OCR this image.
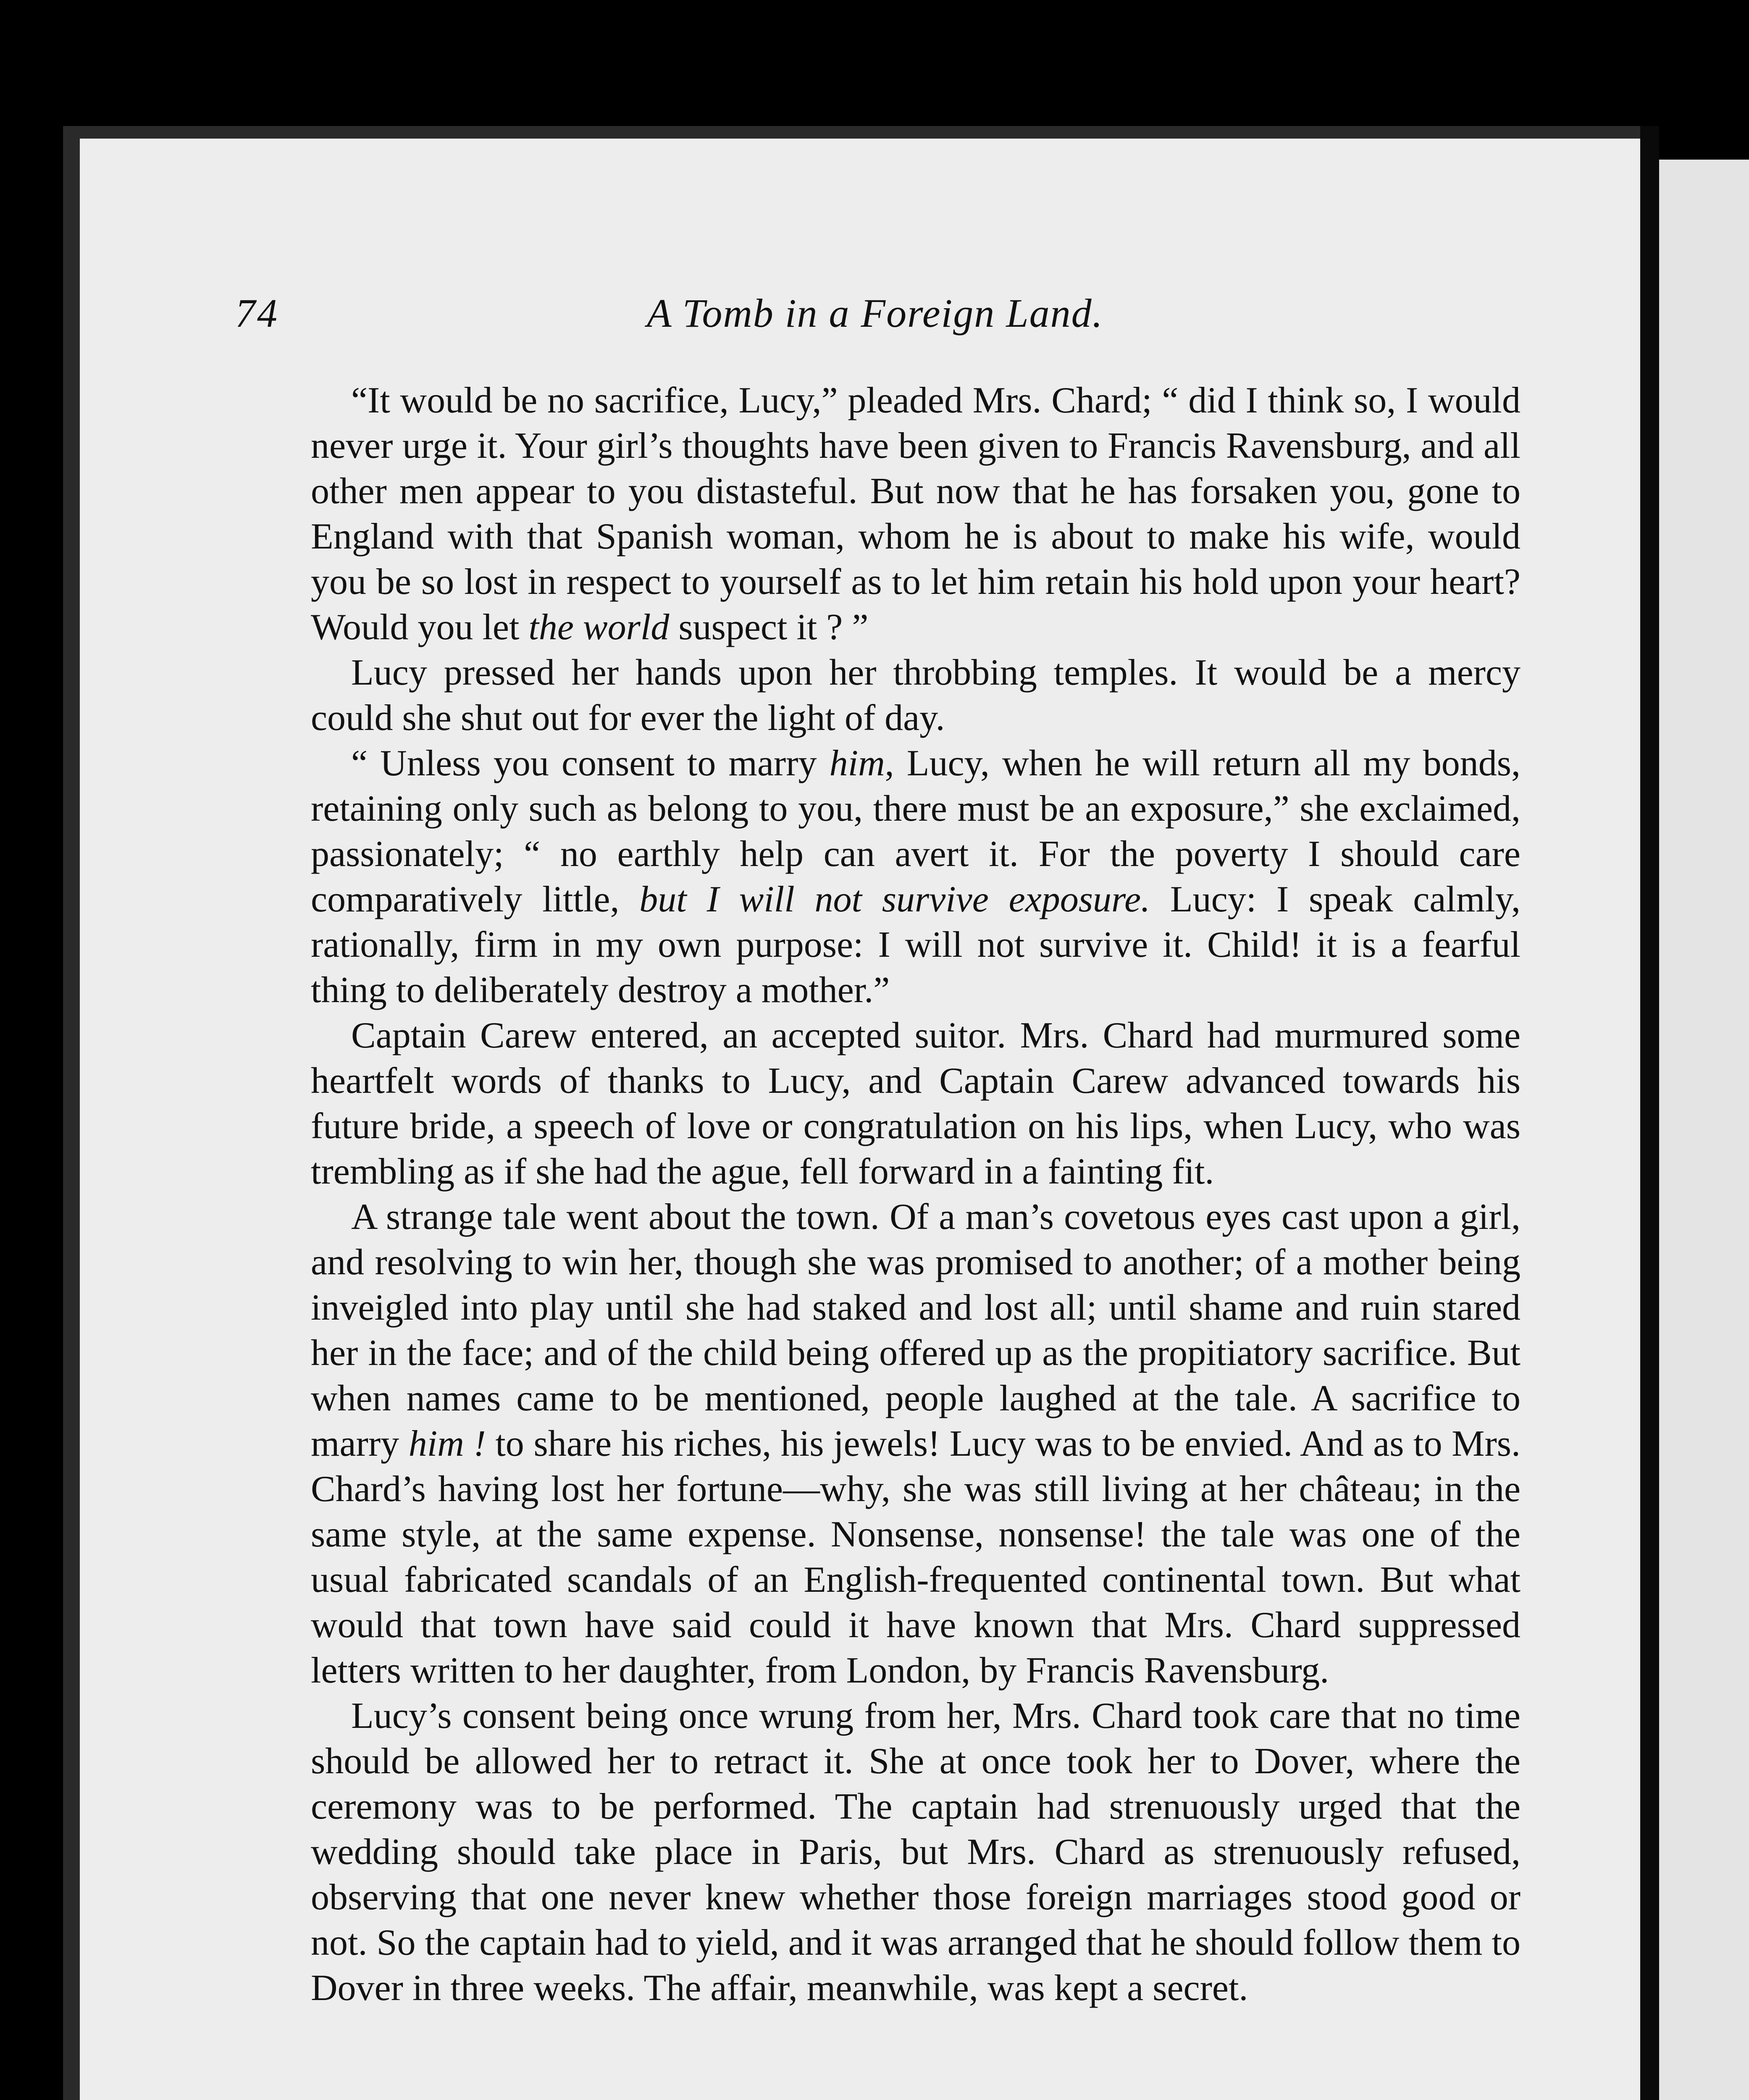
74	A Tomb in a Foreign Land.

“It would be no sacrifice, Lucy,” pleaded Mrs. Chard; “ did I think so, I would never urge it. Your girl’s thoughts have been given to Francis Ravensburg, and all other men appear to you distasteful. But now that he has forsaken you, gone to England with that Spanish woman, whom he is about to make his wife, would you be so lost in respect to yourself as to let him retain his hold upon your heart? Would you let the world suspect it ? ”

Lucy pressed her hands upon her throbbing temples. It would be a mercy could she shut out for ever the light of day.

“ Unless you consent to marry him, Lucy, when he will return all my bonds, retaining only such as belong to you, there must be an exposure,” she exclaimed, passionately; “ no earthly help can avert it. For the poverty I should care comparatively little, but I will not survive exposure. Lucy: I speak calmly, rationally, firm in my own purpose: I will not survive it. Child! it is a fearful thing to deliberately destroy a mother.”

Captain Carew entered, an accepted suitor. Mrs. Chard had murmured some heartfelt words of thanks to Lucy, and Captain Carew advanced towards his future bride, a speech of love or congratulation on his lips, when Lucy, who was trembling as if she had the ague, fell forward in a fainting fit.

A strange tale went about the town. Of a man’s covetous eyes cast upon a girl, and resolving to win her, though she was promised to another; of a mother being inveigled into play until she had staked and lost all; until shame and ruin stared her in the face; and of the child being offered up as the propitiatory sacrifice. But when names came to be mentioned, people laughed at the tale. A sacrifice to marry him ! to share his riches, his jewels! Lucy was to be envied. And as to Mrs. Chard’s having lost her fortune—why, she was still living at her château; in the same style, at the same expense. Nonsense, nonsense! the tale was one of the usual fabricated scandals of an English-frequented continental town. But what would that town have said could it have known that Mrs. Chard suppressed letters written to her daughter, from London, by Francis Ravensburg.

Lucy’s consent being once wrung from her, Mrs. Chard took care that no time should be allowed her to retract it. She at once took her to Dover, where the ceremony was to be performed. The captain had strenuously urged that the wedding should take place in Paris, but Mrs. Chard as strenuously refused, observing that one never knew whether those foreign marriages stood good or not. So the captain had to yield, and it was arranged that he should follow them to Dover in three weeks. The affair, meanwhile, was kept a secret.
